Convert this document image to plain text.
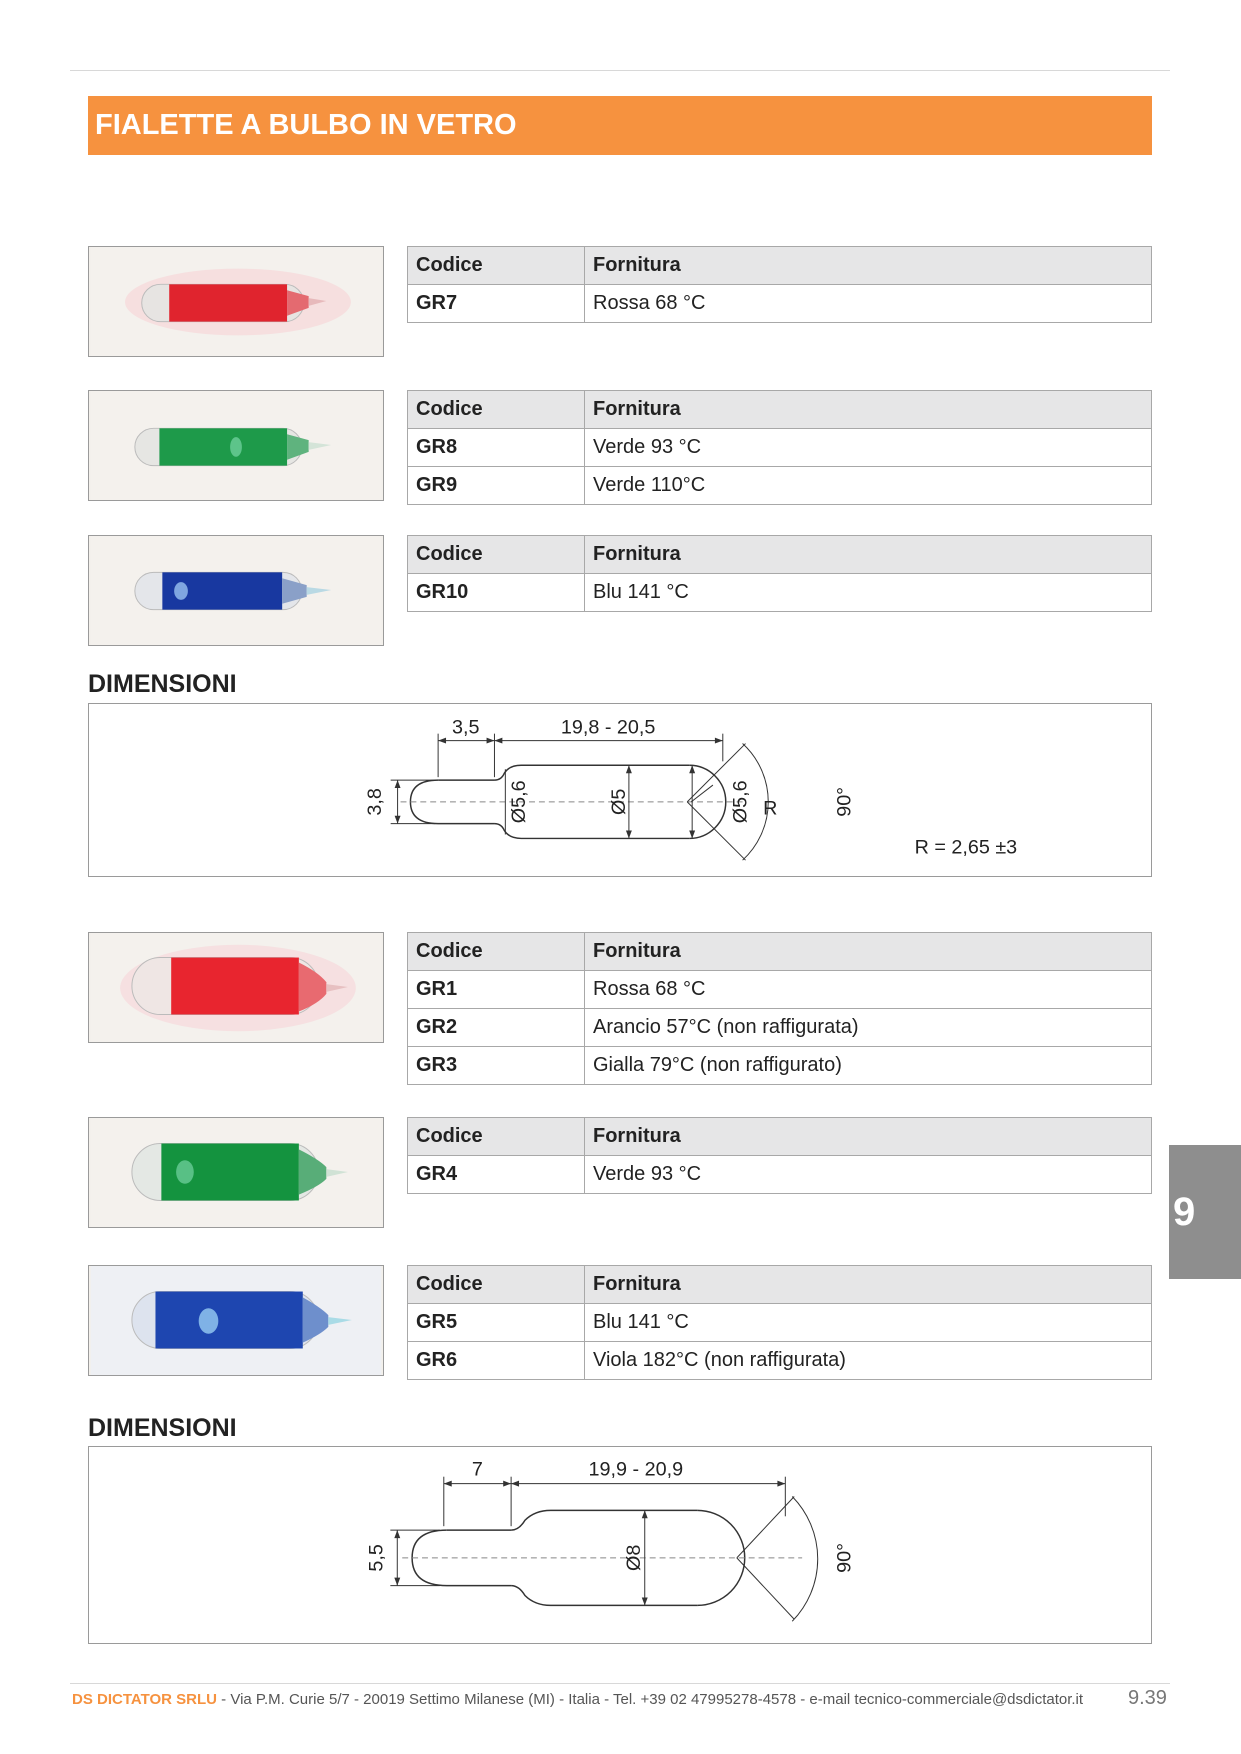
FIALETTE A BULBO IN VETRO
Codice	Fornitura
GR7	Rossa 68 °C
Codice	Fornitura
GR8	Verde 93 °C
GR9	Verde 110°C
Codice	Fornitura
GR10	Blu 141 °C
DIMENSIONI
3,5	19,8 - 20,5
3,8	Ø5,6	Ø5	Ø5,6 R	90°
R = 2,65 ±3
Codice	Fornitura
GR1	Rossa 68 °C
GR2	Arancio 57°C (non raffigurata)
GR3	Gialla 79°C (non raffigurato)
Codice	Fornitura
GR4	Verde 93 °C
Codice	Fornitura
GR5	Blu 141 °C
GR6	Viola 182°C (non raffigurata)
DIMENSIONI
7	19,9 - 20,9
5,5	Ø8	90°
9
DS DICTATOR SRLU - Via P.M. Curie 5/7 - 20019 Settimo Milanese (MI) - Italia - Tel. +39 02 47995278-4578 - e-mail tecnico-commerciale@dsdictator.it 9.39
